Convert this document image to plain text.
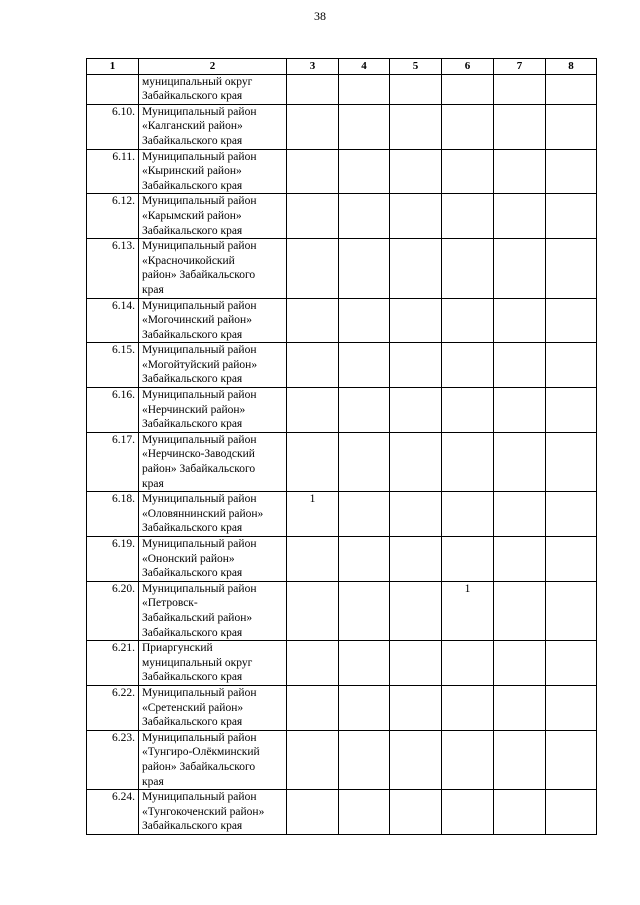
38
1	2	3	4	5	6	7	8
	муниципальный округ
Забайкальского края						
6.10.	Муниципальный район
«Калганский район»
Забайкальского края						
6.11.	Муниципальный район
«Кыринский район»
Забайкальского края						
6.12.	Муниципальный район
«Карымский район»
Забайкальского края						
6.13.	Муниципальный район
«Красночикойский
район» Забайкальского
края						
6.14.	Муниципальный район
«Могочинский район»
Забайкальского края						
6.15.	Муниципальный район
«Могойтуйский район»
Забайкальского края						
6.16.	Муниципальный район
«Нерчинский район»
Забайкальского края						
6.17.	Муниципальный район
«Нерчинско-Заводский
район» Забайкальского
края						
6.18.	Муниципальный район
«Оловяннинский район»
Забайкальского края	1					
6.19.	Муниципальный район
«Ононский район»
Забайкальского края						
6.20.	Муниципальный район
«Петровск-
Забайкальский район»
Забайкальского края				1		
6.21.	Приаргунский
муниципальный округ
Забайкальского края						
6.22.	Муниципальный район
«Сретенский район»
Забайкальского края						
6.23.	Муниципальный район
«Тунгиро-Олёкминский
район» Забайкальского
края						
6.24.	Муниципальный район
«Тунгокоченский район»
Забайкальского края						
